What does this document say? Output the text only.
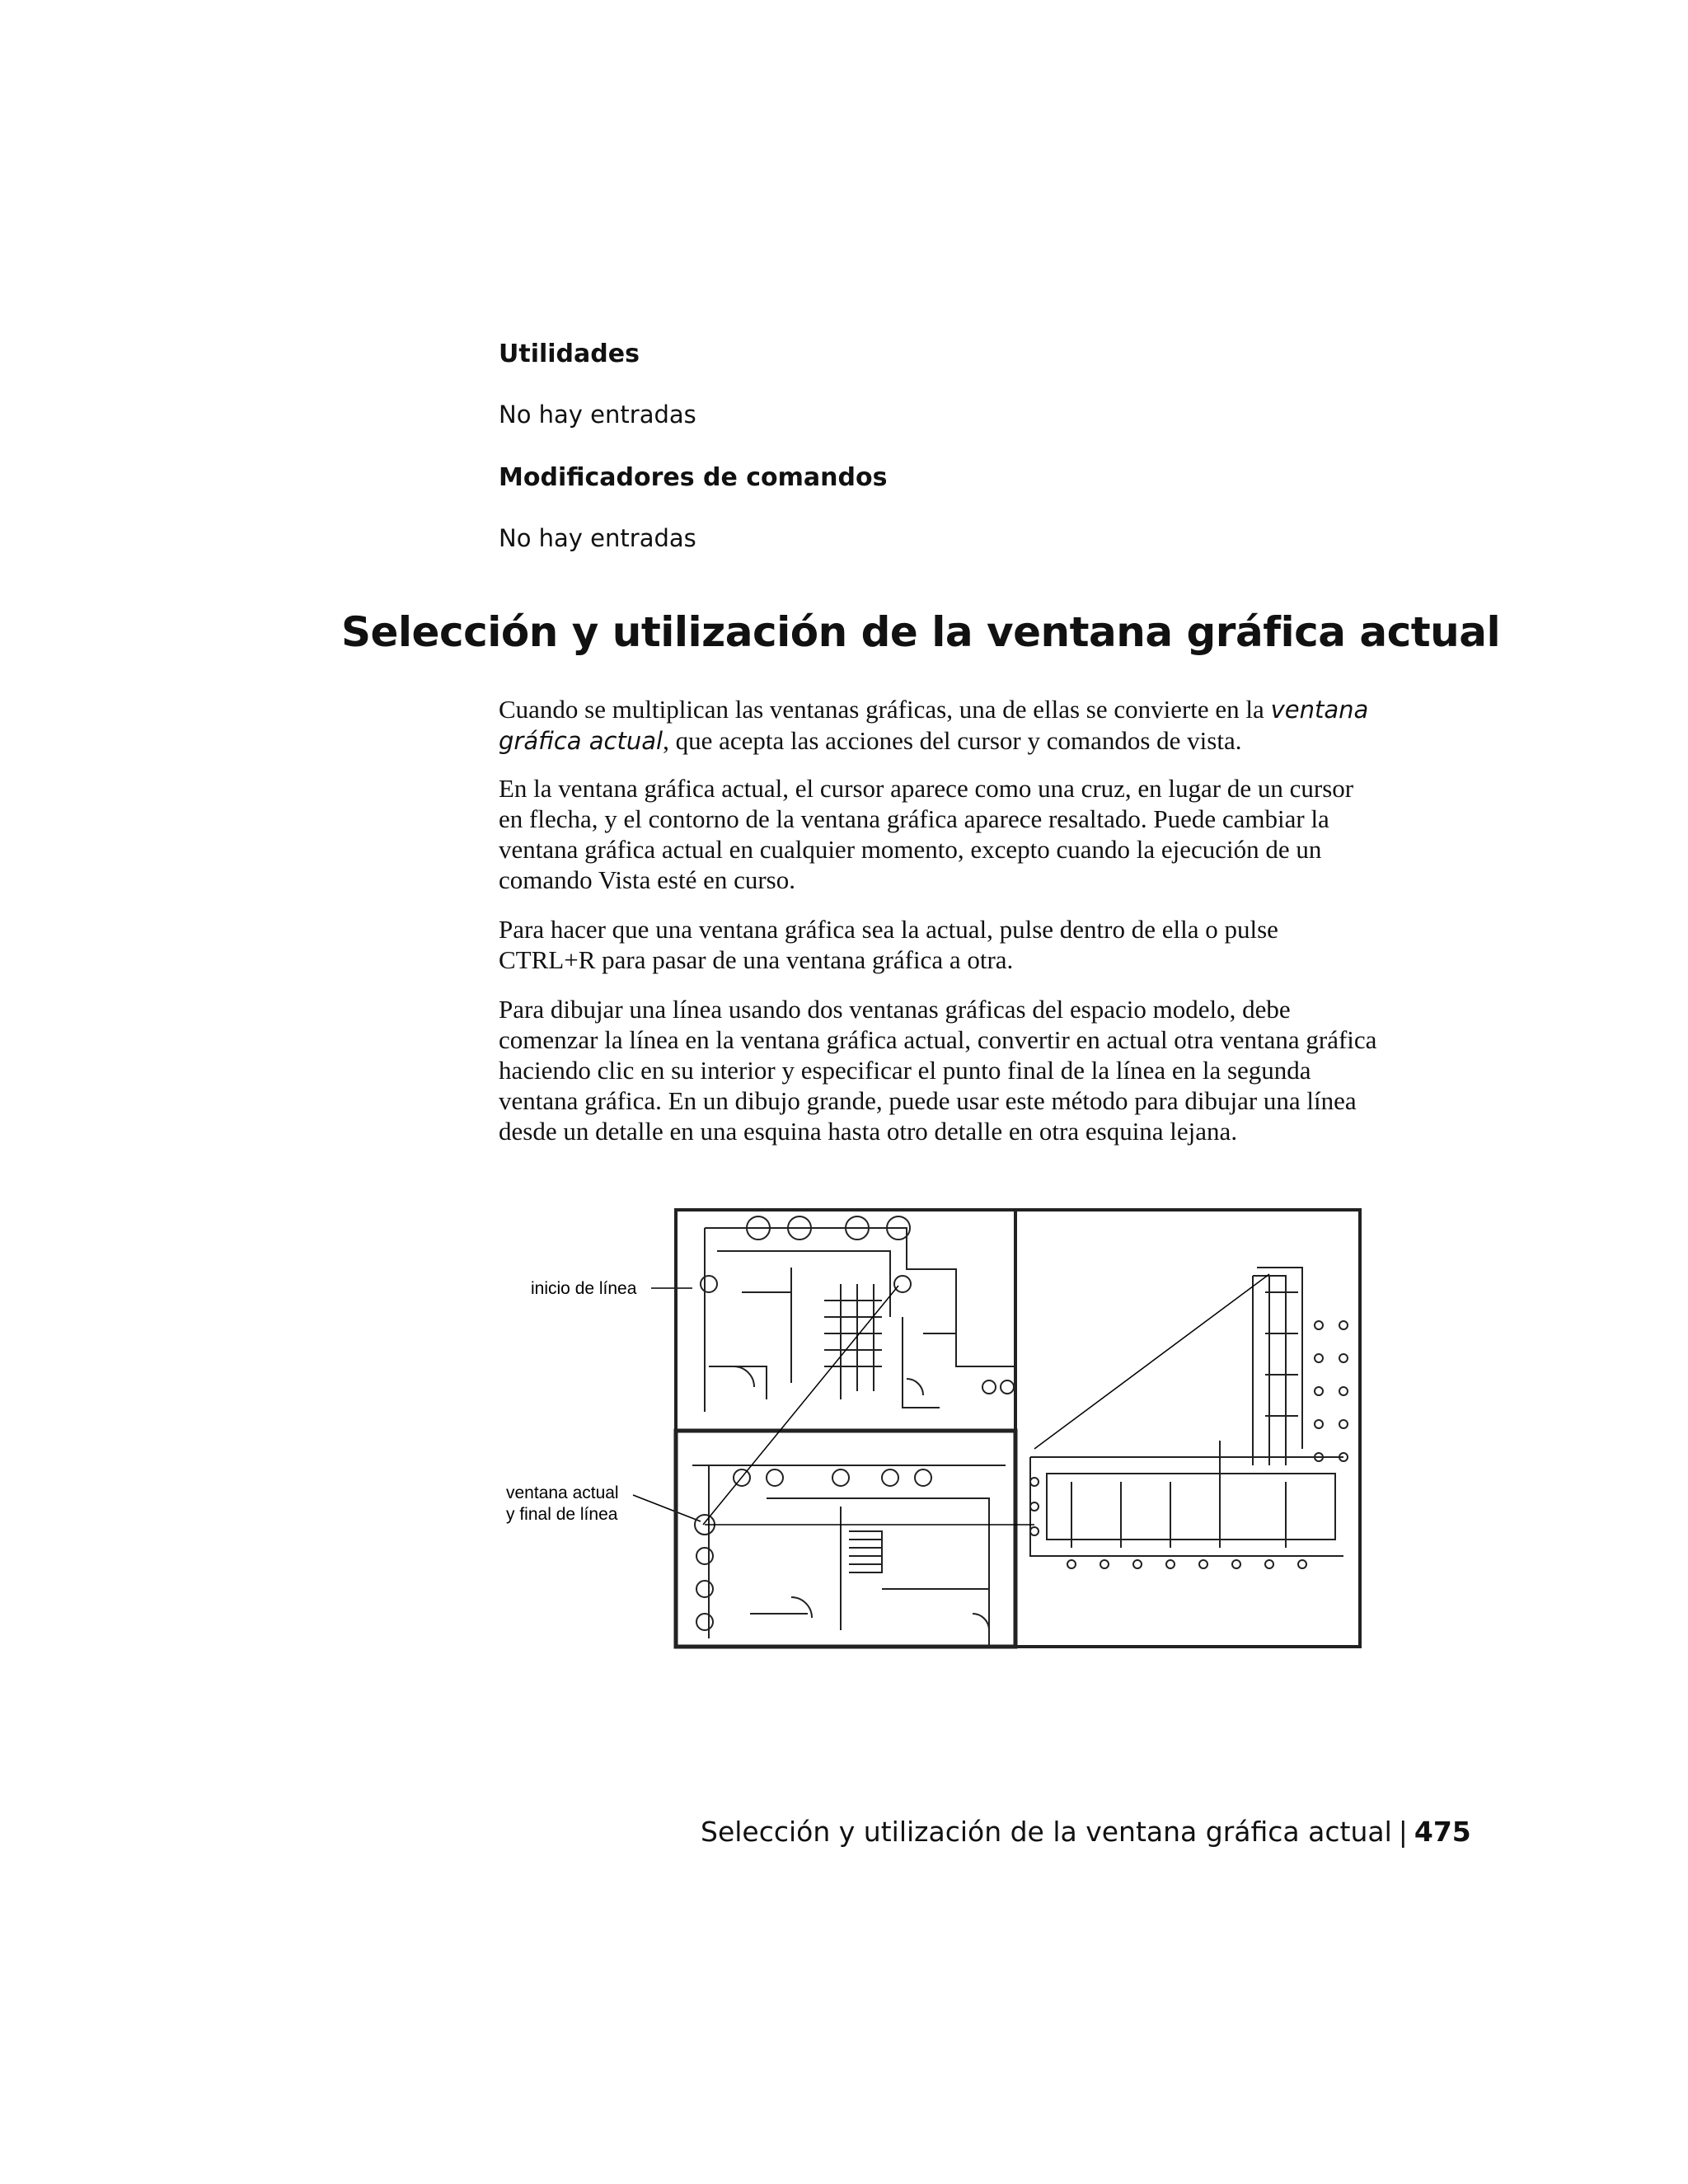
Utilidades
No hay entradas
Modificadores de comandos
No hay entradas
Selección y utilización de la ventana gráfica actual

Cuando se multiplican las ventanas gráficas, una de ellas se convierte en la ventana gráfica actual, que acepta las acciones del cursor y comandos de vista.

En la ventana gráfica actual, el cursor aparece como una cruz, en lugar de un cursor en flecha, y el contorno de la ventana gráfica aparece resaltado. Puede cambiar la ventana gráfica actual en cualquier momento, excepto cuando la ejecución de un comando Vista esté en curso.

Para hacer que una ventana gráfica sea la actual, pulse dentro de ella o pulse CTRL+R para pasar de una ventana gráfica a otra.

Para dibujar una línea usando dos ventanas gráficas del espacio modelo, debe comenzar la línea en la ventana gráfica actual, convertir en actual otra ventana gráfica haciendo clic en su interior y especificar el punto final de la línea en la segunda ventana gráfica. En un dibujo grande, puede usar este método para dibujar una línea desde un detalle en una esquina hasta otro detalle en otra esquina lejana.

inicio de línea
ventana actual
y final de línea
Selección y utilización de la ventana gráfica actual | 475
